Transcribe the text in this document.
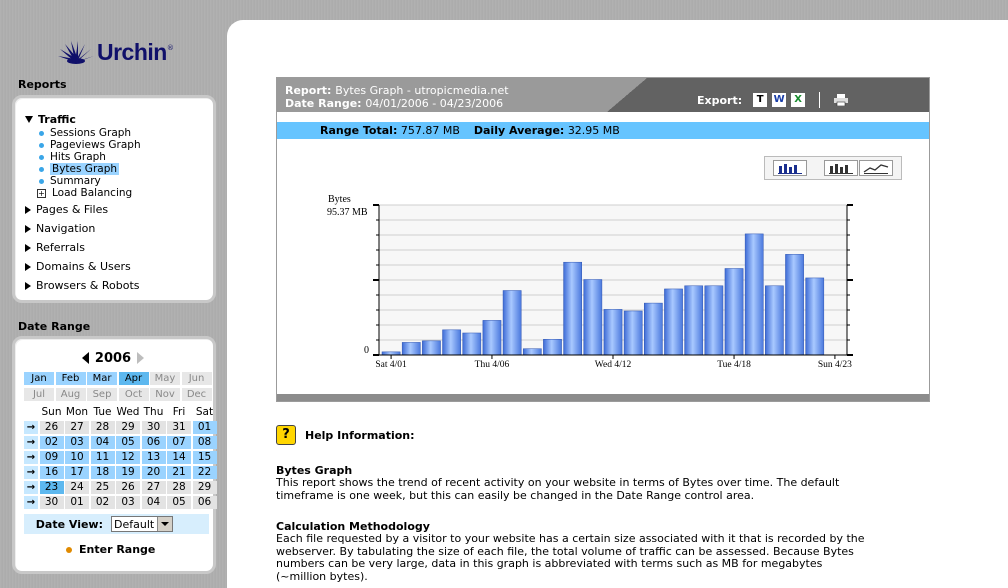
Urchin ®
Reports
Traffic
Sessions Graph
Pageviews Graph
Hits Graph
Bytes Graph
Summary
+ Load Balancing
Pages & Files
Navigation
Referrals
Domains & Users
Browsers & Robots
Date Range
2006
Jan	Feb	Mar	Apr	May	Jun
Jul	Aug	Sep	Oct	Nov	Dec
Sun Mon Tue Wed Thu Fri	Sat
→ 26	27	28	29	30	31	01
→ 02	03	04	05	06	07	08
→ 09	10	11	12	13	14	15
→ 16	17	18	19	20	21	22
→ 23	24	25	26	27	28	29
→ 30	01	02	03	04	05	06
Date View: Default
Enter Range
Report: Bytes Graph - utropicmedia.net
Date Range: 04/01/2006 - 04/23/2006	Export:	T	W X
Range Total: 757.87 MB Daily Average: 32.95 MB
Bytes
95.37 MB
0
Sat 4/01	Thu 4/06	Wed 4/12	Tue 4/18	Sun 4/23
?	Help Information:
Bytes Graph
This report shows the trend of recent activity on your website in terms of Bytes over time. The default timeframe is one week, but this can easily be changed in the Date Range control area.
Calculation Methodology
Each file requested by a visitor to your website has a certain size associated with it that is recorded by the webserver. By tabulating the size of each file, the total volume of traffic can be assessed. Because Bytes numbers can be very large, data in this graph is abbreviated with terms such as MB for megabytes (~million bytes).
